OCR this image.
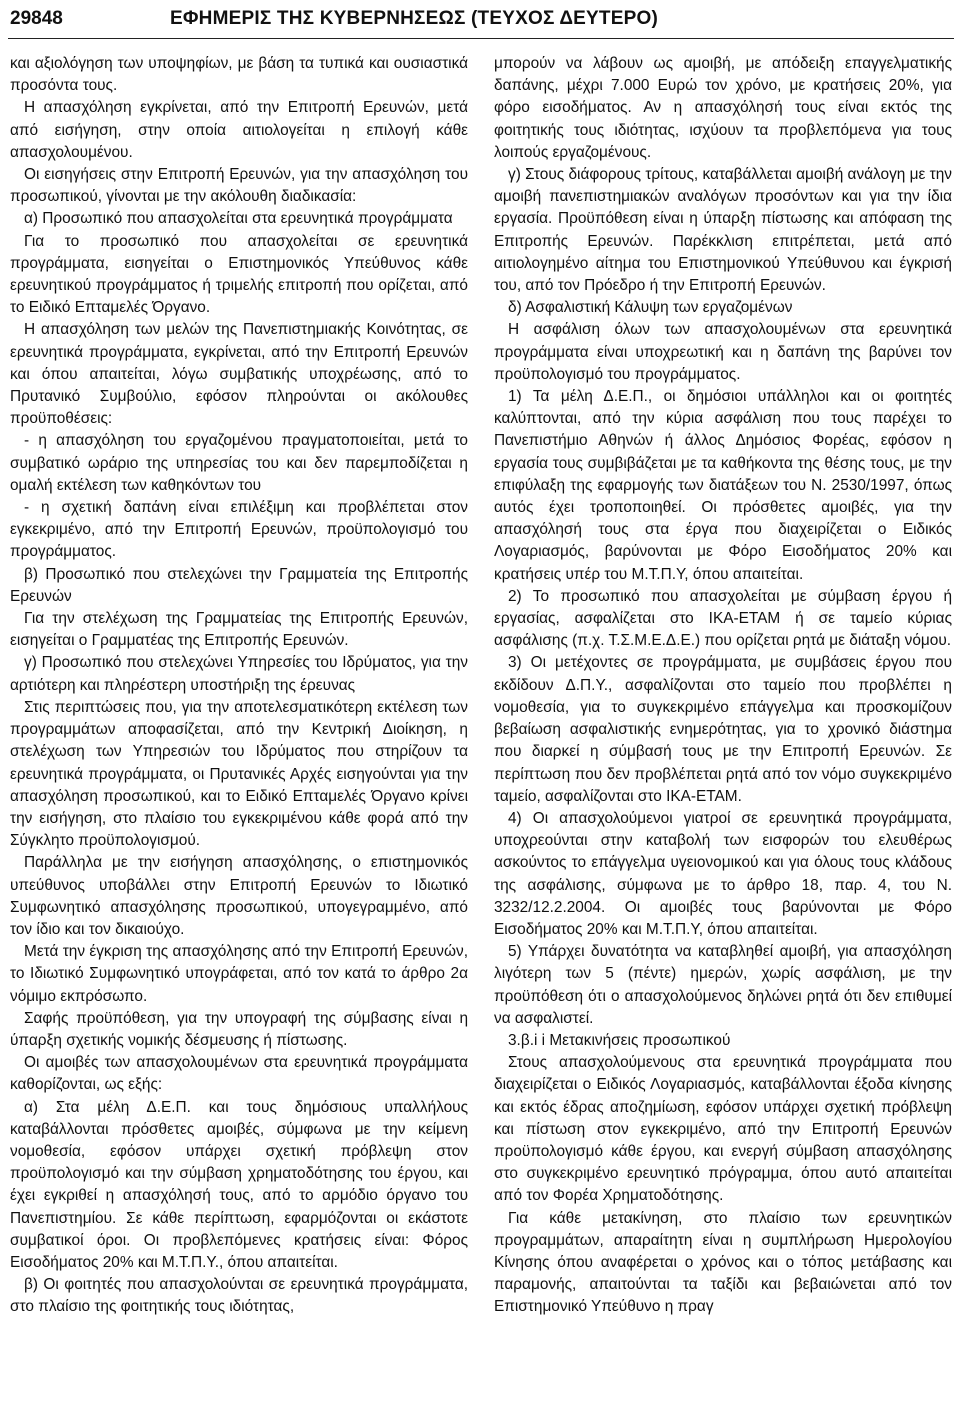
29848	ΕΦΗΜΕΡΙΣ ΤΗΣ ΚΥΒΕΡΝΗΣΕΩΣ (ΤΕΥΧΟΣ ΔΕΥΤΕΡΟ)

και αξιολόγηση των υποψηφίων, με βάση τα τυπικά και ουσιαστικά προσόντα τους.

Η απασχόληση εγκρίνεται, από την Επιτροπή Ερευνών, μετά από εισήγηση, στην οποία αιτιολογείται η επιλογή κάθε απασχολουμένου.

Οι εισηγήσεις στην Επιτροπή Ερευνών, για την απασχόληση του προσωπικού, γίνονται με την ακόλουθη διαδικασία:

α) Προσωπικό που απασχολείται στα ερευνητικά προγράμματα

Για το προσωπικό που απασχολείται σε ερευνητικά προγράμματα, εισηγείται ο Επιστημονικός Υπεύθυνος κάθε ερευνητικού προγράμματος ή τριμελής επιτροπή που ορίζεται, από το Ειδικό Επταμελές Όργανο.

Η απασχόληση των μελών της Πανεπιστημιακής Κοινότητας, σε ερευνητικά προγράμματα, εγκρίνεται, από την Επιτροπή Ερευνών και όπου απαιτείται, λόγω συμβατικής υποχρέωσης, από το Πρυτανικό Συμβούλιο, εφόσον πληρούνται οι ακόλουθες προϋποθέσεις:

- η απασχόληση του εργαζομένου πραγματοποιείται, μετά το συμβατικό ωράριο της υπηρεσίας του και δεν παρεμποδίζεται η ομαλή εκτέλεση των καθηκόντων του

- η σχετική δαπάνη είναι επιλέξιμη και προβλέπεται στον εγκεκριμένο, από την Επιτροπή Ερευνών, προϋπολογισμό του προγράμματος.

β) Προσωπικό που στελεχώνει την Γραμματεία της Επιτροπής Ερευνών

Για την στελέχωση της Γραμματείας της Επιτροπής Ερευνών, εισηγείται ο Γραμματέας της Επιτροπής Ερευνών.

γ) Προσωπικό που στελεχώνει Υπηρεσίες του Ιδρύματος, για την αρτιότερη και πληρέστερη υποστήριξη της έρευνας

Στις περιπτώσεις που, για την αποτελεσματικότερη εκτέλεση των προγραμμάτων αποφασίζεται, από την Κεντρική Διοίκηση, η στελέχωση των Υπηρεσιών του Ιδρύματος που στηρίζουν τα ερευνητικά προγράμματα, οι Πρυτανικές Αρχές εισηγούνται για την απασχόληση προσωπικού, και το Ειδικό Επταμελές Όργανο κρίνει την εισήγηση, στο πλαίσιο του εγκεκριμένου κάθε φορά από την Σύγκλητο προϋπολογισμού.

Παράλληλα με την εισήγηση απασχόλησης, ο επιστημονικός υπεύθυνος υποβάλλει στην Επιτροπή Ερευνών το Ιδιωτικό Συμφωνητικό απασχόλησης προσωπικού, υπογεγραμμένο, από τον ίδιο και τον δικαιούχο.

Μετά την έγκριση της απασχόλησης από την Επιτροπή Ερευνών, το Ιδιωτικό Συμφωνητικό υπογράφεται, από τον κατά το άρθρο 2α νόμιμο εκπρόσωπο.

Σαφής προϋπόθεση, για την υπογραφή της σύμβασης είναι η ύπαρξη σχετικής νομικής δέσμευσης ή πίστωσης.

Οι αμοιβές των απασχολουμένων στα ερευνητικά προγράμματα καθορίζονται, ως εξής:

α) Στα μέλη Δ.Ε.Π. και τους δημόσιους υπαλλήλους καταβάλλονται πρόσθετες αμοιβές, σύμφωνα με την κείμενη νομοθεσία, εφόσον υπάρχει σχετική πρόβλεψη στον προϋπολογισμό και την σύμβαση χρηματοδότησης του έργου, και έχει εγκριθεί η απασχόλησή τους, από το αρμόδιο όργανο του Πανεπιστημίου. Σε κάθε περίπτωση, εφαρμόζονται οι εκάστοτε συμβατικοί όροι. Οι προβλεπόμενες κρατήσεις είναι: Φόρος Εισοδήματος 20% και Μ.Τ.Π.Υ., όπου απαιτείται.

β) Οι φοιτητές που απασχολούνται σε ερευνητικά προγράμματα, στο πλαίσιο της φοιτητικής τους ιδιότητας,

μπορούν να λάβουν ως αμοιβή, με απόδειξη επαγγελματικής δαπάνης, μέχρι 7.000 Ευρώ τον χρόνο, με κρατήσεις 20%, για φόρο εισοδήματος. Αν η απασχόλησή τους είναι εκτός της φοιτητικής τους ιδιότητας, ισχύουν τα προβλεπόμενα για τους λοιπούς εργαζομένους.

γ) Στους διάφορους τρίτους, καταβάλλεται αμοιβή ανάλογη με την αμοιβή πανεπιστημιακών αναλόγων προσόντων και για την ίδια εργασία. Προϋπόθεση είναι η ύπαρξη πίστωσης και απόφαση της Επιτροπής Ερευνών. Παρέκκλιση επιτρέπεται, μετά από αιτιολογημένο αίτημα του Επιστημονικού Υπεύθυνου και έγκρισή του, από τον Πρόεδρο ή την Επιτροπή Ερευνών.

δ) Ασφαλιστική Κάλυψη των εργαζομένων

Η ασφάλιση όλων των απασχολουμένων στα ερευνητικά προγράμματα είναι υποχρεωτική και η δαπάνη της βαρύνει τον προϋπολογισμό του προγράμματος.

1) Τα μέλη Δ.Ε.Π., οι δημόσιοι υπάλληλοι και οι φοιτητές καλύπτονται, από την κύρια ασφάλιση που τους παρέχει το Πανεπιστήμιο Αθηνών ή άλλος Δημόσιος Φορέας, εφόσον η εργασία τους συμβιβάζεται με τα καθήκοντα της θέσης τους, με την επιφύλαξη της εφαρμογής των διατάξεων του Ν. 2530/1997, όπως αυτός έχει τροποποιηθεί. Οι πρόσθετες αμοιβές, για την απασχόλησή τους στα έργα που διαχειρίζεται ο Ειδικός Λογαριασμός, βαρύνονται με Φόρο Εισοδήματος 20% και κρατήσεις υπέρ του Μ.Τ.Π.Υ, όπου απαιτείται.

2) Το προσωπικό που απασχολείται με σύμβαση έργου ή εργασίας, ασφαλίζεται στο ΙΚΑ-ΕΤΑΜ ή σε ταμείο κύριας ασφάλισης (π.χ. Τ.Σ.Μ.Ε.Δ.Ε.) που ορίζεται ρητά με διάταξη νόμου.

3) Οι μετέχοντες σε προγράμματα, με συμβάσεις έργου που εκδίδουν Δ.Π.Υ., ασφαλίζονται στο ταμείο που προβλέπει η νομοθεσία, για το συγκεκριμένο επάγγελμα και προσκομίζουν βεβαίωση ασφαλιστικής ενημερότητας, για το χρονικό διάστημα που διαρκεί η σύμβασή τους με την Επιτροπή Ερευνών. Σε περίπτωση που δεν προβλέπεται ρητά από τον νόμο συγκεκριμένο ταμείο, ασφαλίζονται στο ΙΚΑ-ΕΤΑΜ.

4) Οι απασχολούμενοι γιατροί σε ερευνητικά προγράμματα, υποχρεούνται στην καταβολή των εισφορών του ελευθέρως ασκούντος το επάγγελμα υγειονομικού και για όλους τους κλάδους της ασφάλισης, σύμφωνα με το άρθρο 18, παρ. 4, του Ν. 3232/12.2.2004. Οι αμοιβές τους βαρύνονται με Φόρο Εισοδήματος 20% και Μ.Τ.Π.Υ, όπου απαιτείται.

5) Υπάρχει δυνατότητα να καταβληθεί αμοιβή, για απασχόληση λιγότερη των 5 (πέντε) ημερών, χωρίς ασφάλιση, με την προϋπόθεση ότι ο απασχολούμενος δηλώνει ρητά ότι δεν επιθυμεί να ασφαλιστεί.

3.β.i i Μετακινήσεις προσωπικού

Στους απασχολούμενους στα ερευνητικά προγράμματα που διαχειρίζεται ο Ειδικός Λογαριασμός, καταβάλλονται έξοδα κίνησης και εκτός έδρας αποζημίωση, εφόσον υπάρχει σχετική πρόβλεψη και πίστωση στον εγκεκριμένο, από την Επιτροπή Ερευνών προϋπολογισμό κάθε έργου, και ενεργή σύμβαση απασχόλησης στο συγκεκριμένο ερευνητικό πρόγραμμα, όπου αυτό απαιτείται από τον Φορέα Χρηματοδότησης.

Για κάθε μετακίνηση, στο πλαίσιο των ερευνητικών προγραμμάτων, απαραίτητη είναι η συμπλήρωση Ημερολογίου Κίνησης όπου αναφέρεται ο χρόνος και ο τόπος μετάβασης και παραμονής, απαιτούνται τα ταξίδι και βεβαιώνεται από τον Επιστημονικό Υπεύθυνο η πραγ
